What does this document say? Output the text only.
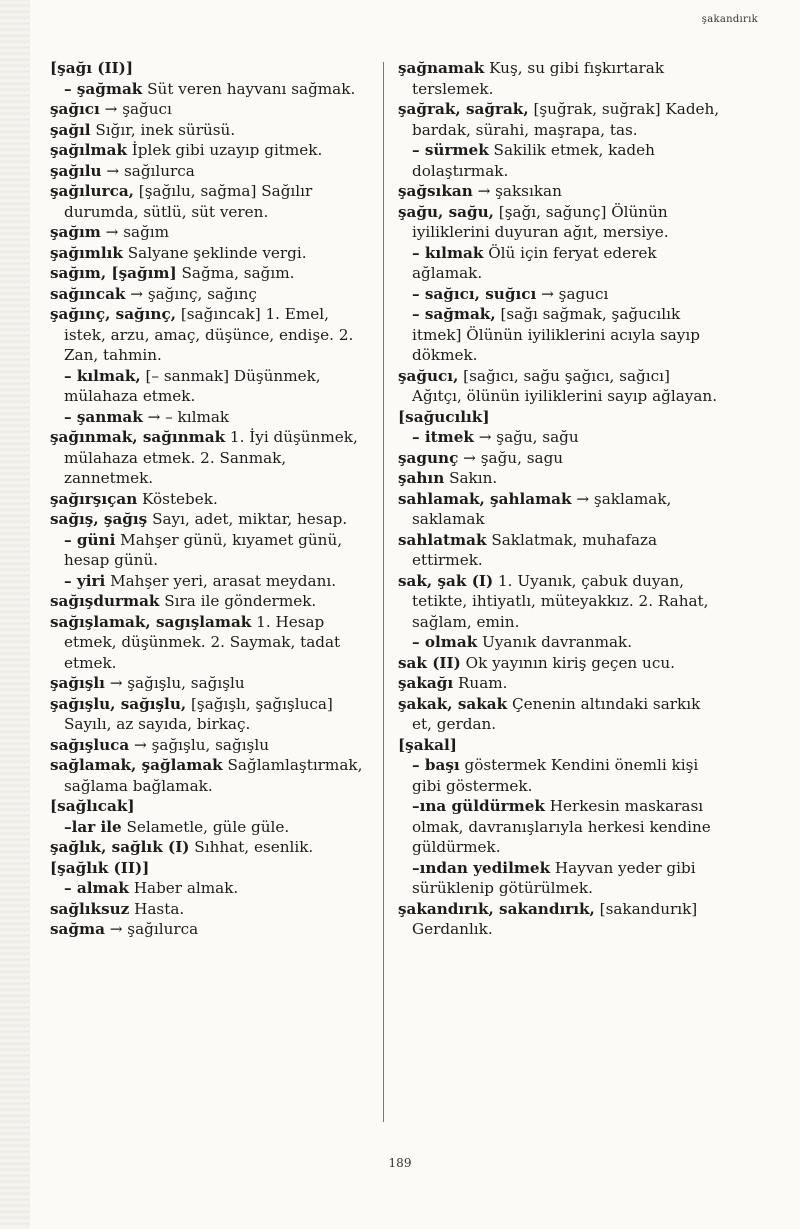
şakandırık

[şağı (II)]

– şağmak Süt veren hayvanı sağmak.

şağıcı → şağucı

şağıl Sığır, inek sürüsü.

şağılmak İplek gibi uzayıp gitmek.

şağılu → sağılurca

şağılurca, [şağılu, sağma] Sağılır durumda, sütlü, süt veren.

şağım → sağım

şağımlık Salyane şeklinde vergi.

sağım, [şağım] Sağma, sağım.

sağıncak → şağınç, sağınç

şağınç, sağınç, [sağıncak] 1. Emel, istek, arzu, amaç, düşünce, endişe. 2. Zan, tahmin.

– kılmak, [– sanmak] Düşünmek, mülahaza etmek.

– şanmak → – kılmak

şağınmak, sağınmak 1. İyi düşünmek, mülahaza etmek. 2. Sanmak, zannetmek.

şağırşıçan Köstebek.

sağış, şağış Sayı, adet, miktar, hesap.

– güni Mahşer günü, kıyamet günü, hesap günü.

– yiri Mahşer yeri, arasat meydanı.

sağışdurmak Sıra ile göndermek.

sağışlamak, sagışlamak 1. Hesap etmek, düşünmek. 2. Saymak, tadat etmek.

şağışlı → şağışlu, sağışlu

şağışlu, sağışlu, [şağışlı, şağışluca] Sayılı, az sayıda, birkaç.

sağışluca → şağışlu, sağışlu

sağlamak, şağlamak Sağlamlaştırmak, sağlama bağlamak.

[sağlıcak]

–lar ile Selametle, güle güle.

şağlık, sağlık (I) Sıhhat, esenlik.

[şağlık (II)]

– almak Haber almak.

sağlıksuz Hasta.

sağma → şağılurca

şağnamak Kuş, su gibi fışkırtarak terslemek.

şağrak, sağrak, [şuğrak, suğrak] Kadeh, bardak, sürahi, maşrapa, tas.

– sürmek Sakilik etmek, kadeh dolaştırmak.

şağsıkan → şaksıkan

şağu, sağu, [şağı, sağunç] Ölünün iyiliklerini duyuran ağıt, mersiye.

– kılmak Ölü için feryat ederek ağlamak.

– sağıcı, suğıcı → şagucı

– sağmak, [sağı sağmak, şağucılık itmek] Ölünün iyiliklerini acıyla sayıp dökmek.

şağucı, [sağıcı, sağu şağıcı, sağıcı] Ağıtçı, ölünün iyiliklerini sayıp ağlayan.

[sağucılık]

– itmek → şağu, sağu

şagunç → şağu, sagu

şahın Sakın.

sahlamak, şahlamak → şaklamak, saklamak

sahlatmak Saklatmak, muhafaza ettirmek.

sak, şak (I) 1. Uyanık, çabuk duyan, tetikte, ihtiyatlı, müteyakkız. 2. Rahat, sağlam, emin.

– olmak Uyanık davranmak.

sak (II) Ok yayının kiriş geçen ucu.

şakağı Ruam.

şakak, sakak Çenenin altındaki sarkık et, gerdan.

[şakal]

– başı göstermek Kendini önemli kişi gibi göstermek.

–ına güldürmek Herkesin maskarası olmak, davranışlarıyla herkesi kendine güldürmek.

–ından yedilmek Hayvan yeder gibi sürüklenip götürülmek.

şakandırık, sakandırık, [sakandurık] Gerdanlık.

189
